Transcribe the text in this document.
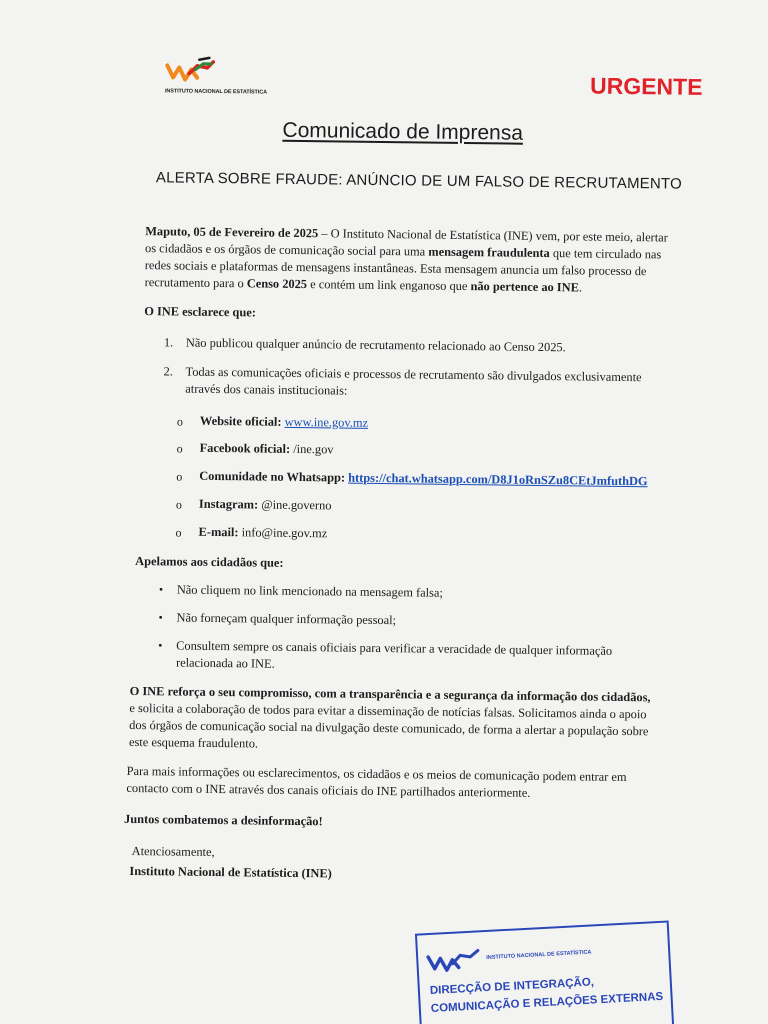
INSTITUTO NACIONAL DE ESTATÍSTICA	URGENTE
Comunicado de Imprensa
ALERTA SOBRE FRAUDE: ANÚNCIO DE UM FALSO DE RECRUTAMENTO
Maputo, 05 de Fevereiro de 2025 – O Instituto Nacional de Estatística (INE) vem, por este meio, alertar
os cidadãos e os órgãos de comunicação social para uma mensagem fraudulenta que tem circulado nas
redes sociais e plataformas de mensagens instantâneas. Esta mensagem anuncia um falso processo de
recrutamento para o Censo 2025 e contém um link enganoso que não pertence ao INE.
O INE esclarece que:
1. Não publicou qualquer anúncio de recrutamento relacionado ao Censo 2025.
2. Todas as comunicações oficiais e processos de recrutamento são divulgados exclusivamente
através dos canais institucionais:
o Website oficial: www.ine.gov.mz
o Facebook oficial: /ine.gov
o Comunidade no Whatsapp: https://chat.whatsapp.com/D8J1oRnSZu8CEtJmfuthDG
o Instagram: @ine.governo
o E-mail: info@ine.gov.mz
Apelamos aos cidadãos que:
• Não cliquem no link mencionado na mensagem falsa;
• Não forneçam qualquer informação pessoal;
• Consultem sempre os canais oficiais para verificar a veracidade de qualquer informação
relacionada ao INE.
O INE reforça o seu compromisso, com a transparência e a segurança da informação dos cidadãos,
e solicita a colaboração de todos para evitar a disseminação de notícias falsas. Solicitamos ainda o apoio
dos órgãos de comunicação social na divulgação deste comunicado, de forma a alertar a população sobre
este esquema fraudulento.
Para mais informações ou esclarecimentos, os cidadãos e os meios de comunicação podem entrar em
contacto com o INE através dos canais oficiais do INE partilhados anteriormente.
Juntos combatemos a desinformação!
Atenciosamente,
Instituto Nacional de Estatística (INE)
INSTITUTO NACIONAL DE ESTATÍSTICA
DIRECÇÃO DE INTEGRAÇÃO,
COMUNICAÇÃO E RELAÇÕES EXTERNAS
